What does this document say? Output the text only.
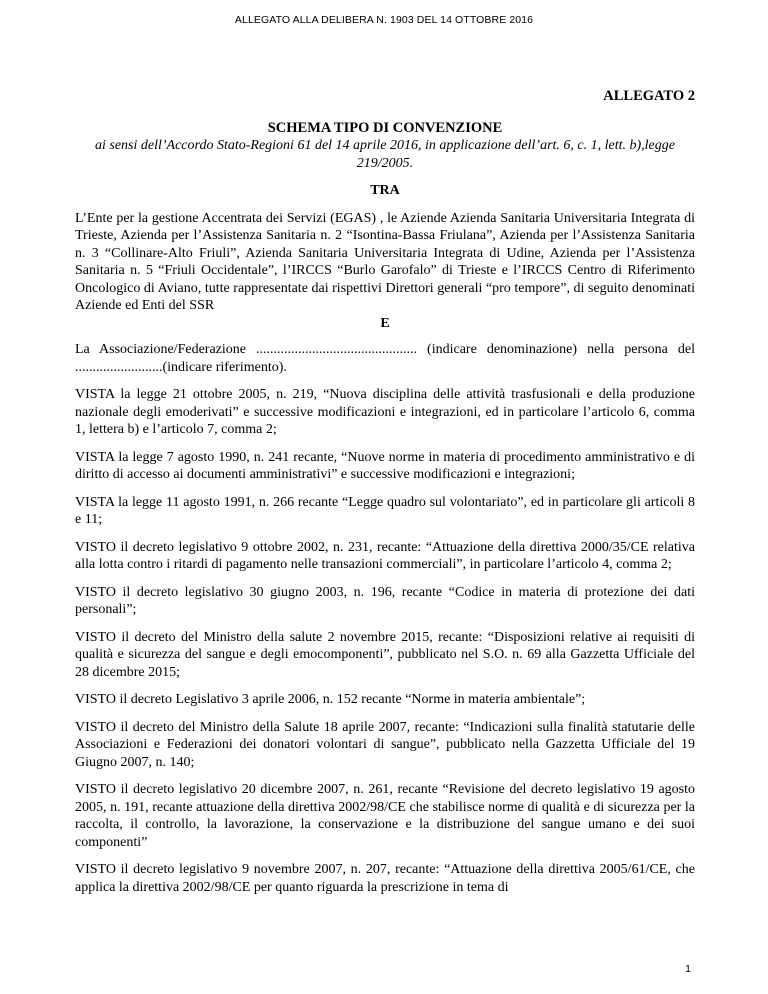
ALLEGATO ALLA DELIBERA N. 1903 DEL 14 OTTOBRE 2016
ALLEGATO 2
SCHEMA TIPO DI CONVENZIONE
ai sensi dell’Accordo Stato-Regioni 61 del 14 aprile 2016, in applicazione dell’art. 6, c. 1, lett. b),legge 219/2005.
TRA
L’Ente per la gestione Accentrata dei Servizi (EGAS) , le Aziende Azienda Sanitaria Universitaria Integrata di Trieste, Azienda per l’Assistenza Sanitaria n. 2 “Isontina-Bassa Friulana”, Azienda per l’Assistenza Sanitaria n. 3 “Collinare-Alto Friuli”, Azienda Sanitaria Universitaria Integrata di Udine, Azienda per l’Assistenza Sanitaria n. 5 “Friuli Occidentale”, l’IRCCS “Burlo Garofalo” di Trieste e l’IRCCS Centro di Riferimento Oncologico di Aviano, tutte rappresentate dai rispettivi Direttori generali “pro tempore”, di seguito denominati Aziende ed Enti del SSR
E
La Associazione/Federazione .............................................. (indicare denominazione) nella persona del .........................(indicare riferimento).
VISTA la legge 21 ottobre 2005, n. 219, “Nuova disciplina delle attività trasfusionali e della produzione nazionale degli emoderivati” e successive modificazioni e integrazioni, ed in particolare l’articolo 6, comma 1, lettera b) e l’articolo 7, comma 2;
VISTA la legge 7 agosto 1990, n. 241 recante, “Nuove norme in materia di procedimento amministrativo e di diritto di accesso ai documenti amministrativi” e successive modificazioni e integrazioni;
VISTA la legge 11 agosto 1991, n. 266 recante “Legge quadro sul volontariato”, ed in particolare gli articoli 8 e 11;
VISTO il decreto legislativo 9 ottobre 2002, n. 231, recante: “Attuazione della direttiva 2000/35/CE relativa alla lotta contro i ritardi di pagamento nelle transazioni commerciali”, in particolare l’articolo 4, comma 2;
VISTO il decreto legislativo 30 giugno 2003, n. 196, recante “Codice in materia di protezione dei dati personali”;
VISTO il decreto del Ministro della salute 2 novembre 2015, recante: “Disposizioni relative ai requisiti di qualità e sicurezza del sangue e degli emocomponenti”, pubblicato nel S.O. n. 69 alla Gazzetta Ufficiale del 28 dicembre 2015;
VISTO il decreto Legislativo 3 aprile 2006, n. 152 recante “Norme in materia ambientale”;
VISTO il decreto del Ministro della Salute 18 aprile 2007, recante: “Indicazioni sulla finalità statutarie delle Associazioni e Federazioni dei donatori volontari di sangue”, pubblicato nella Gazzetta Ufficiale del 19 Giugno 2007, n. 140;
VISTO il decreto legislativo 20 dicembre 2007, n. 261, recante “Revisione del decreto legislativo 19 agosto 2005, n. 191, recante attuazione della direttiva 2002/98/CE che stabilisce norme di qualità e di sicurezza per la raccolta, il controllo, la lavorazione, la conservazione e la distribuzione del sangue umano e dei suoi componenti”
VISTO il decreto legislativo 9 novembre 2007, n. 207, recante: “Attuazione della direttiva 2005/61/CE, che applica la direttiva 2002/98/CE per quanto riguarda la prescrizione in tema di
1
